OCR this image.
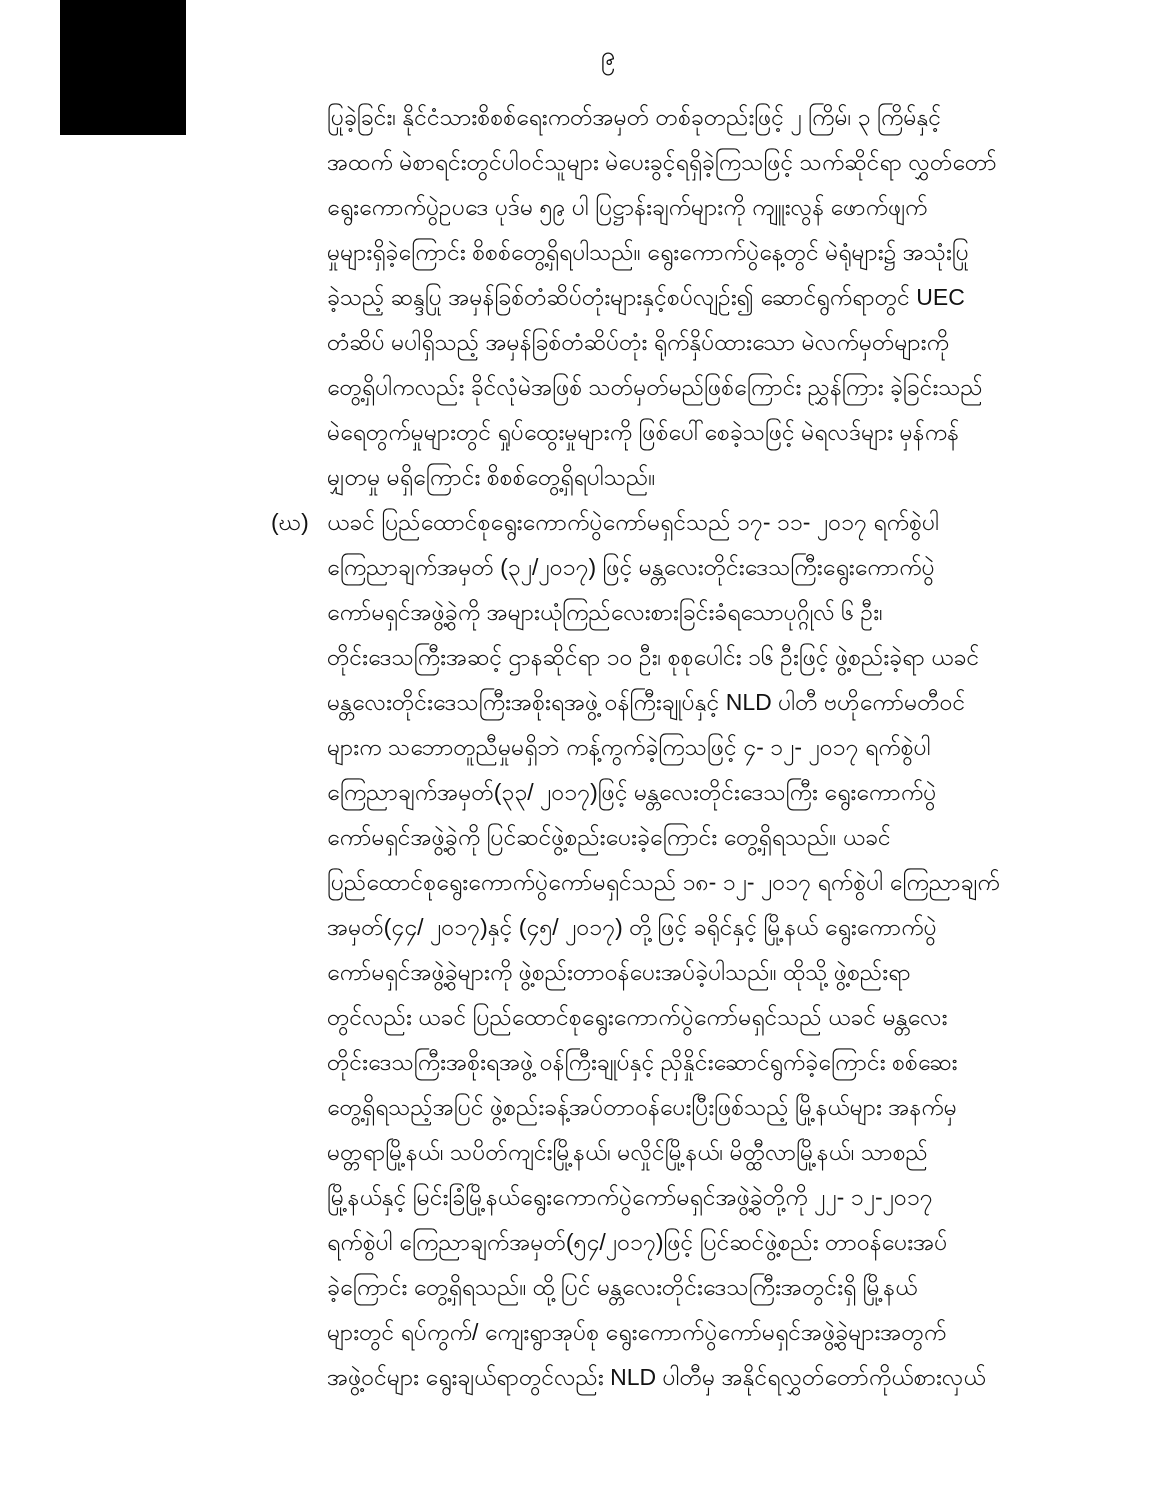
၉
ပြုခဲ့ခြင်း၊ နိုင်ငံသားစိစစ်ရေးကတ်အမှတ် တစ်ခုတည်းဖြင့် ၂ ကြိမ်၊ ၃ ကြိမ်နှင့်
အထက် မဲစာရင်းတွင်ပါဝင်သူများ မဲပေးခွင့်ရရှိခဲ့ကြသဖြင့် သက်ဆိုင်ရာ လွှတ်တော်
ရွေးကောက်ပွဲဥပဒေ ပုဒ်မ ၅၉ ပါ ပြဋ္ဌာန်းချက်များကို ကျူးလွန် ဖောက်ဖျက်
မှုများရှိခဲ့ကြောင်း စိစစ်တွေ့ရှိရပါသည်။ ရွေးကောက်ပွဲနေ့တွင် မဲရုံများ၌ အသုံးပြု
ခဲ့သည့် ဆန္ဒပြု အမှန်ခြစ်တံဆိပ်တုံးများနှင့်စပ်လျဉ်း၍ ဆောင်ရွက်ရာတွင် UEC
တံဆိပ် မပါရှိသည့် အမှန်ခြစ်တံဆိပ်တုံး ရိုက်နှိပ်ထားသော မဲလက်မှတ်များကို
တွေ့ရှိပါကလည်း ခိုင်လုံမဲအဖြစ် သတ်မှတ်မည်ဖြစ်ကြောင်း ညွှန်ကြား ခဲ့ခြင်းသည်
မဲရေတွက်မှုများတွင် ရှုပ်ထွေးမှုများကို ဖြစ်ပေါ်စေခဲ့သဖြင့် မဲရလဒ်များ မှန်ကန်
မျှတမှု မရှိကြောင်း စိစစ်တွေ့ရှိရပါသည်။
(ဃ) ယခင် ပြည်ထောင်စုရွေးကောက်ပွဲကော်မရှင်သည် ၁၇- ၁၁- ၂၀၁၇ ရက်စွဲပါ
ကြေညာချက်အမှတ် (၃၂/၂၀၁၇) ဖြင့် မန္တလေးတိုင်းဒေသကြီးရွေးကောက်ပွဲ
ကော်မရှင်အဖွဲ့ခွဲကို အများယုံကြည်လေးစားခြင်းခံရသောပုဂ္ဂိုလ် ၆ ဦး၊
တိုင်းဒေသကြီးအဆင့် ဌာနဆိုင်ရာ ၁၀ ဦး၊ စုစုပေါင်း ၁၆ ဦးဖြင့် ဖွဲ့စည်းခဲ့ရာ ယခင်
မန္တလေးတိုင်းဒေသကြီးအစိုးရအဖွဲ့ ဝန်ကြီးချုပ်နှင့် NLD ပါတီ ဗဟိုကော်မတီဝင်
များက သဘောတူညီမှုမရှိဘဲ ကန့်ကွက်ခဲ့ကြသဖြင့် ၄- ၁၂- ၂၀၁၇ ရက်စွဲပါ
ကြေညာချက်အမှတ်(၃၃/ ၂၀၁၇)ဖြင့် မန္တလေးတိုင်းဒေသကြီး ရွေးကောက်ပွဲ
ကော်မရှင်အဖွဲ့ခွဲကို ပြင်ဆင်ဖွဲ့စည်းပေးခဲ့ကြောင်း တွေ့ရှိရသည်။ ယခင်
ပြည်ထောင်စုရွေးကောက်ပွဲကော်မရှင်သည် ၁၈- ၁၂- ၂၀၁၇ ရက်စွဲပါ ကြေညာချက်
အမှတ်(၄၄/ ၂၀၁၇)နှင့် (၄၅/ ၂၀၁၇) တို့ဖြင့် ခရိုင်နှင့် မြို့နယ် ရွေးကောက်ပွဲ
ကော်မရှင်အဖွဲ့ခွဲများကို ဖွဲ့စည်းတာဝန်ပေးအပ်ခဲ့ပါသည်။ ထိုသို့ ဖွဲ့စည်းရာ
တွင်လည်း ယခင် ပြည်ထောင်စုရွေးကောက်ပွဲကော်မရှင်သည် ယခင် မန္တလေး
တိုင်းဒေသကြီးအစိုးရအဖွဲ့ ဝန်ကြီးချုပ်နှင့် ညှိနှိုင်းဆောင်ရွက်ခဲ့ကြောင်း စစ်ဆေး
တွေ့ရှိရသည့်အပြင် ဖွဲ့စည်းခန့်အပ်တာဝန်ပေးပြီးဖြစ်သည့် မြို့နယ်များ အနက်မှ
မတ္တရာမြို့နယ်၊ သပိတ်ကျင်းမြို့နယ်၊ မလှိုင်မြို့နယ်၊ မိတ္ထီလာမြို့နယ်၊ သာစည်
မြို့နယ်နှင့် မြင်းခြံမြို့နယ်ရွေးကောက်ပွဲကော်မရှင်အဖွဲ့ခွဲတို့ကို ၂၂- ၁၂-၂၀၁၇
ရက်စွဲပါ ကြေညာချက်အမှတ်(၅၄/၂၀၁၇)ဖြင့် ပြင်ဆင်ဖွဲ့စည်း တာဝန်ပေးအပ်
ခဲ့ကြောင်း တွေ့ရှိရသည်။ ထို့ပြင် မန္တလေးတိုင်းဒေသကြီးအတွင်းရှိ မြို့နယ်
များတွင် ရပ်ကွက်/ ကျေးရွာအုပ်စု ရွေးကောက်ပွဲကော်မရှင်အဖွဲ့ခွဲများအတွက်
အဖွဲ့ဝင်များ ရွေးချယ်ရာတွင်လည်း NLD ပါတီမှ အနိုင်ရလွှတ်တော်ကိုယ်စားလှယ်
